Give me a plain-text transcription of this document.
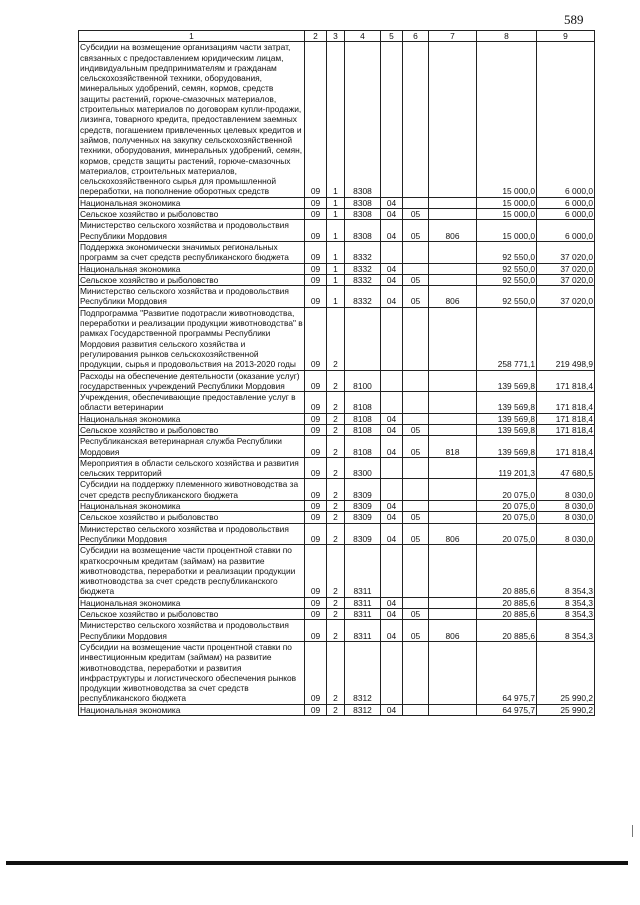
589
1	2	3	4	5	6	7	8	9
Субсидии на возмещение организациям части затрат, связанных с предоставлением юридическим лицам, индивидуальным предпринимателям и гражданам сельскохозяйственной техники, оборудования, минеральных удобрений, семян, кормов, средств защиты растений, горюче-смазочных материалов, строительных материалов по договорам купли-продажи, лизинга, товарного кредита, предоставлением заемных средств, погашением привлеченных целевых кредитов и займов, полученных на закупку сельскохозяйственной техники, оборудования, минеральных удобрений, семян, кормов, средств защиты растений, горюче-смазочных материалов, строительных материалов, сельскохозяйственного сырья для промышленной переработки, на пополнение оборотных средств	09	1	8308				15 000,0	6 000,0
Национальная экономика	09	1	8308	04			15 000,0	6 000,0
Сельское хозяйство и рыболовство	09	1	8308	04	05		15 000,0	6 000,0
Министерство сельского хозяйства и продовольствия Республики Мордовия	09	1	8308	04	05	806	15 000,0	6 000,0
Поддержка экономически значимых региональных программ за счет средств республиканского бюджета	09	1	8332				92 550,0	37 020,0
Национальная экономика	09	1	8332	04			92 550,0	37 020,0
Сельское хозяйство и рыболовство	09	1	8332	04	05		92 550,0	37 020,0
Министерство сельского хозяйства и продовольствия Республики Мордовия	09	1	8332	04	05	806	92 550,0	37 020,0
Подпрограмма "Развитие подотрасли животноводства, переработки и реализации продукции животноводства" в рамках Государственной программы Республики Мордовия развития сельского хозяйства и регулирования рынков сельскохозяйственной продукции, сырья и продовольствия на 2013-2020 годы	09	2					258 771,1	219 498,9
Расходы на обеспечение деятельности (оказание услуг) государственных учреждений Республики Мордовия	09	2	8100				139 569,8	171 818,4
Учреждения, обеспечивающие предоставление услуг в области ветеринарии	09	2	8108				139 569,8	171 818,4
Национальная экономика	09	2	8108	04			139 569,8	171 818,4
Сельское хозяйство и рыболовство	09	2	8108	04	05		139 569,8	171 818,4
Республиканская ветеринарная служба Республики Мордовия	09	2	8108	04	05	818	139 569,8	171 818,4
Мероприятия в области сельского хозяйства и развития сельских территорий	09	2	8300				119 201,3	47 680,5
Субсидии на поддержку племенного животноводства за счет средств республиканского бюджета	09	2	8309				20 075,0	8 030,0
Национальная экономика	09	2	8309	04			20 075,0	8 030,0
Сельское хозяйство и рыболовство	09	2	8309	04	05		20 075,0	8 030,0
Министерство сельского хозяйства и продовольствия Республики Мордовия	09	2	8309	04	05	806	20 075,0	8 030,0
Субсидии на возмещение части процентной ставки по краткосрочным кредитам (займам) на развитие животноводства, переработки и реализации продукции животноводства за счет средств республиканского бюджета	09	2	8311				20 885,6	8 354,3
Национальная экономика	09	2	8311	04			20 885,6	8 354,3
Сельское хозяйство и рыболовство	09	2	8311	04	05		20 885,6	8 354,3
Министерство сельского хозяйства и продовольствия Республики Мордовия	09	2	8311	04	05	806	20 885,6	8 354,3
Субсидии на возмещение части процентной ставки по инвестиционным кредитам (займам) на развитие животноводства, переработки и развития инфраструктуры и логистического обеспечения рынков продукции животноводства за счет средств республиканского бюджета	09	2	8312				64 975,7	25 990,2
Национальная экономика	09	2	8312	04			64 975,7	25 990,2
